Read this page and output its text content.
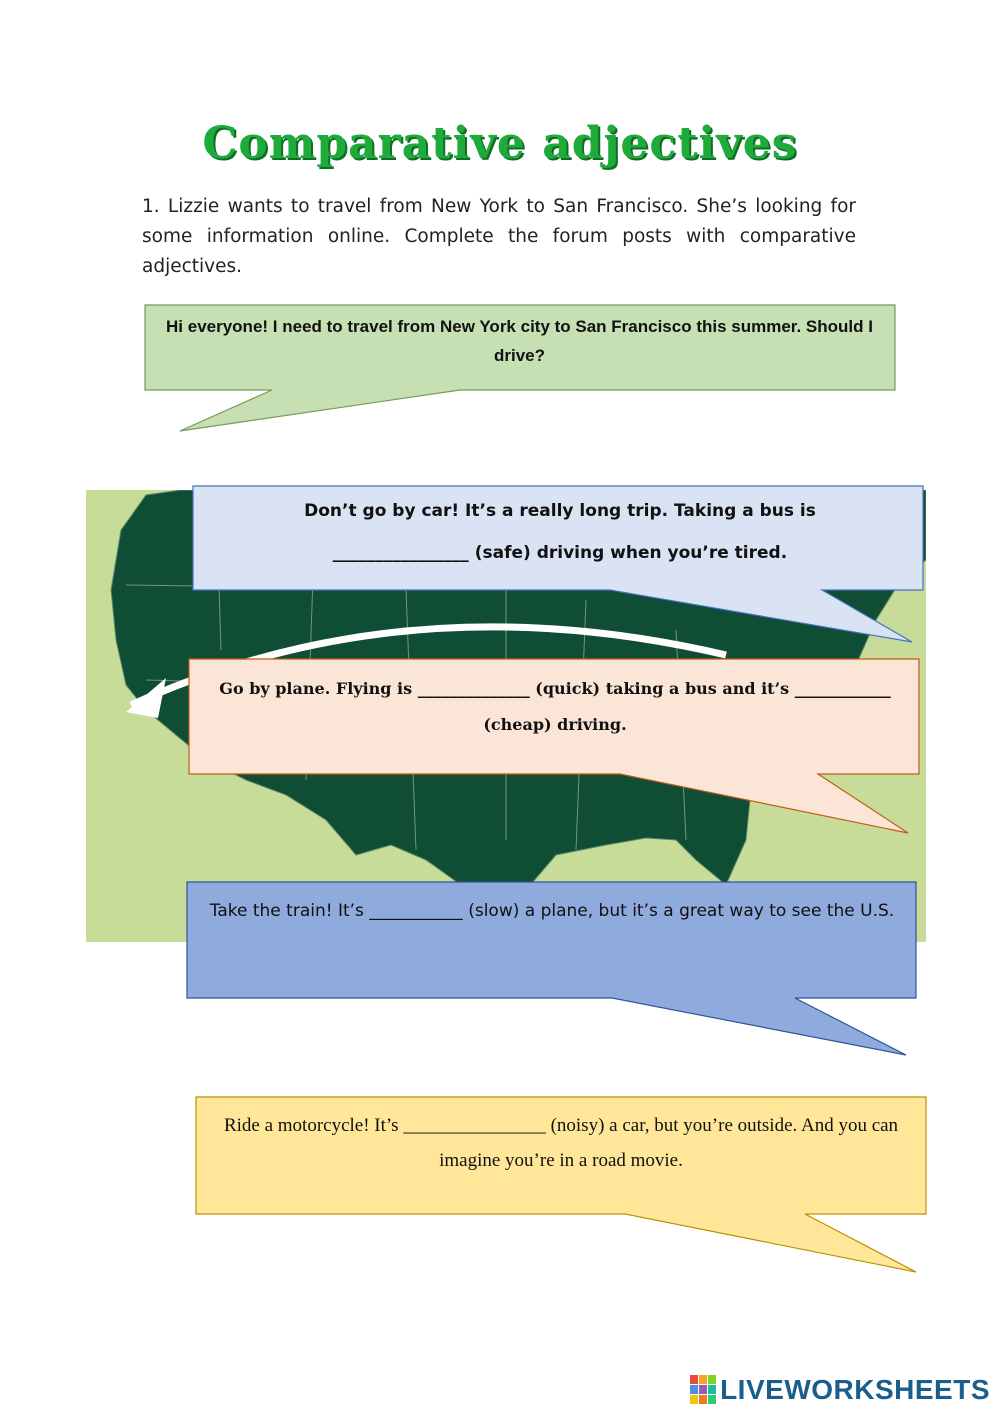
Comparative adjectives
1. Lizzie wants to travel from New York to San Francisco. She’s looking for some information online. Complete the forum posts with comparative adjectives.
Hi everyone! I need to travel from New York city to San Francisco this summer. Should I drive?
Don’t go by car! It’s a really long trip. Taking a bus is ________________ (safe) driving when you’re tired.
Go by plane. Flying is ______________ (quick) taking a bus and it’s ____________ (cheap) driving.
Take the train! It’s ___________ (slow) a plane, but it’s a great way to see the U.S.
Ride a motorcycle! It’s _______________ (noisy) a car, but you’re outside. And you can imagine you’re in a road movie.
LIVEWORKSHEETS
